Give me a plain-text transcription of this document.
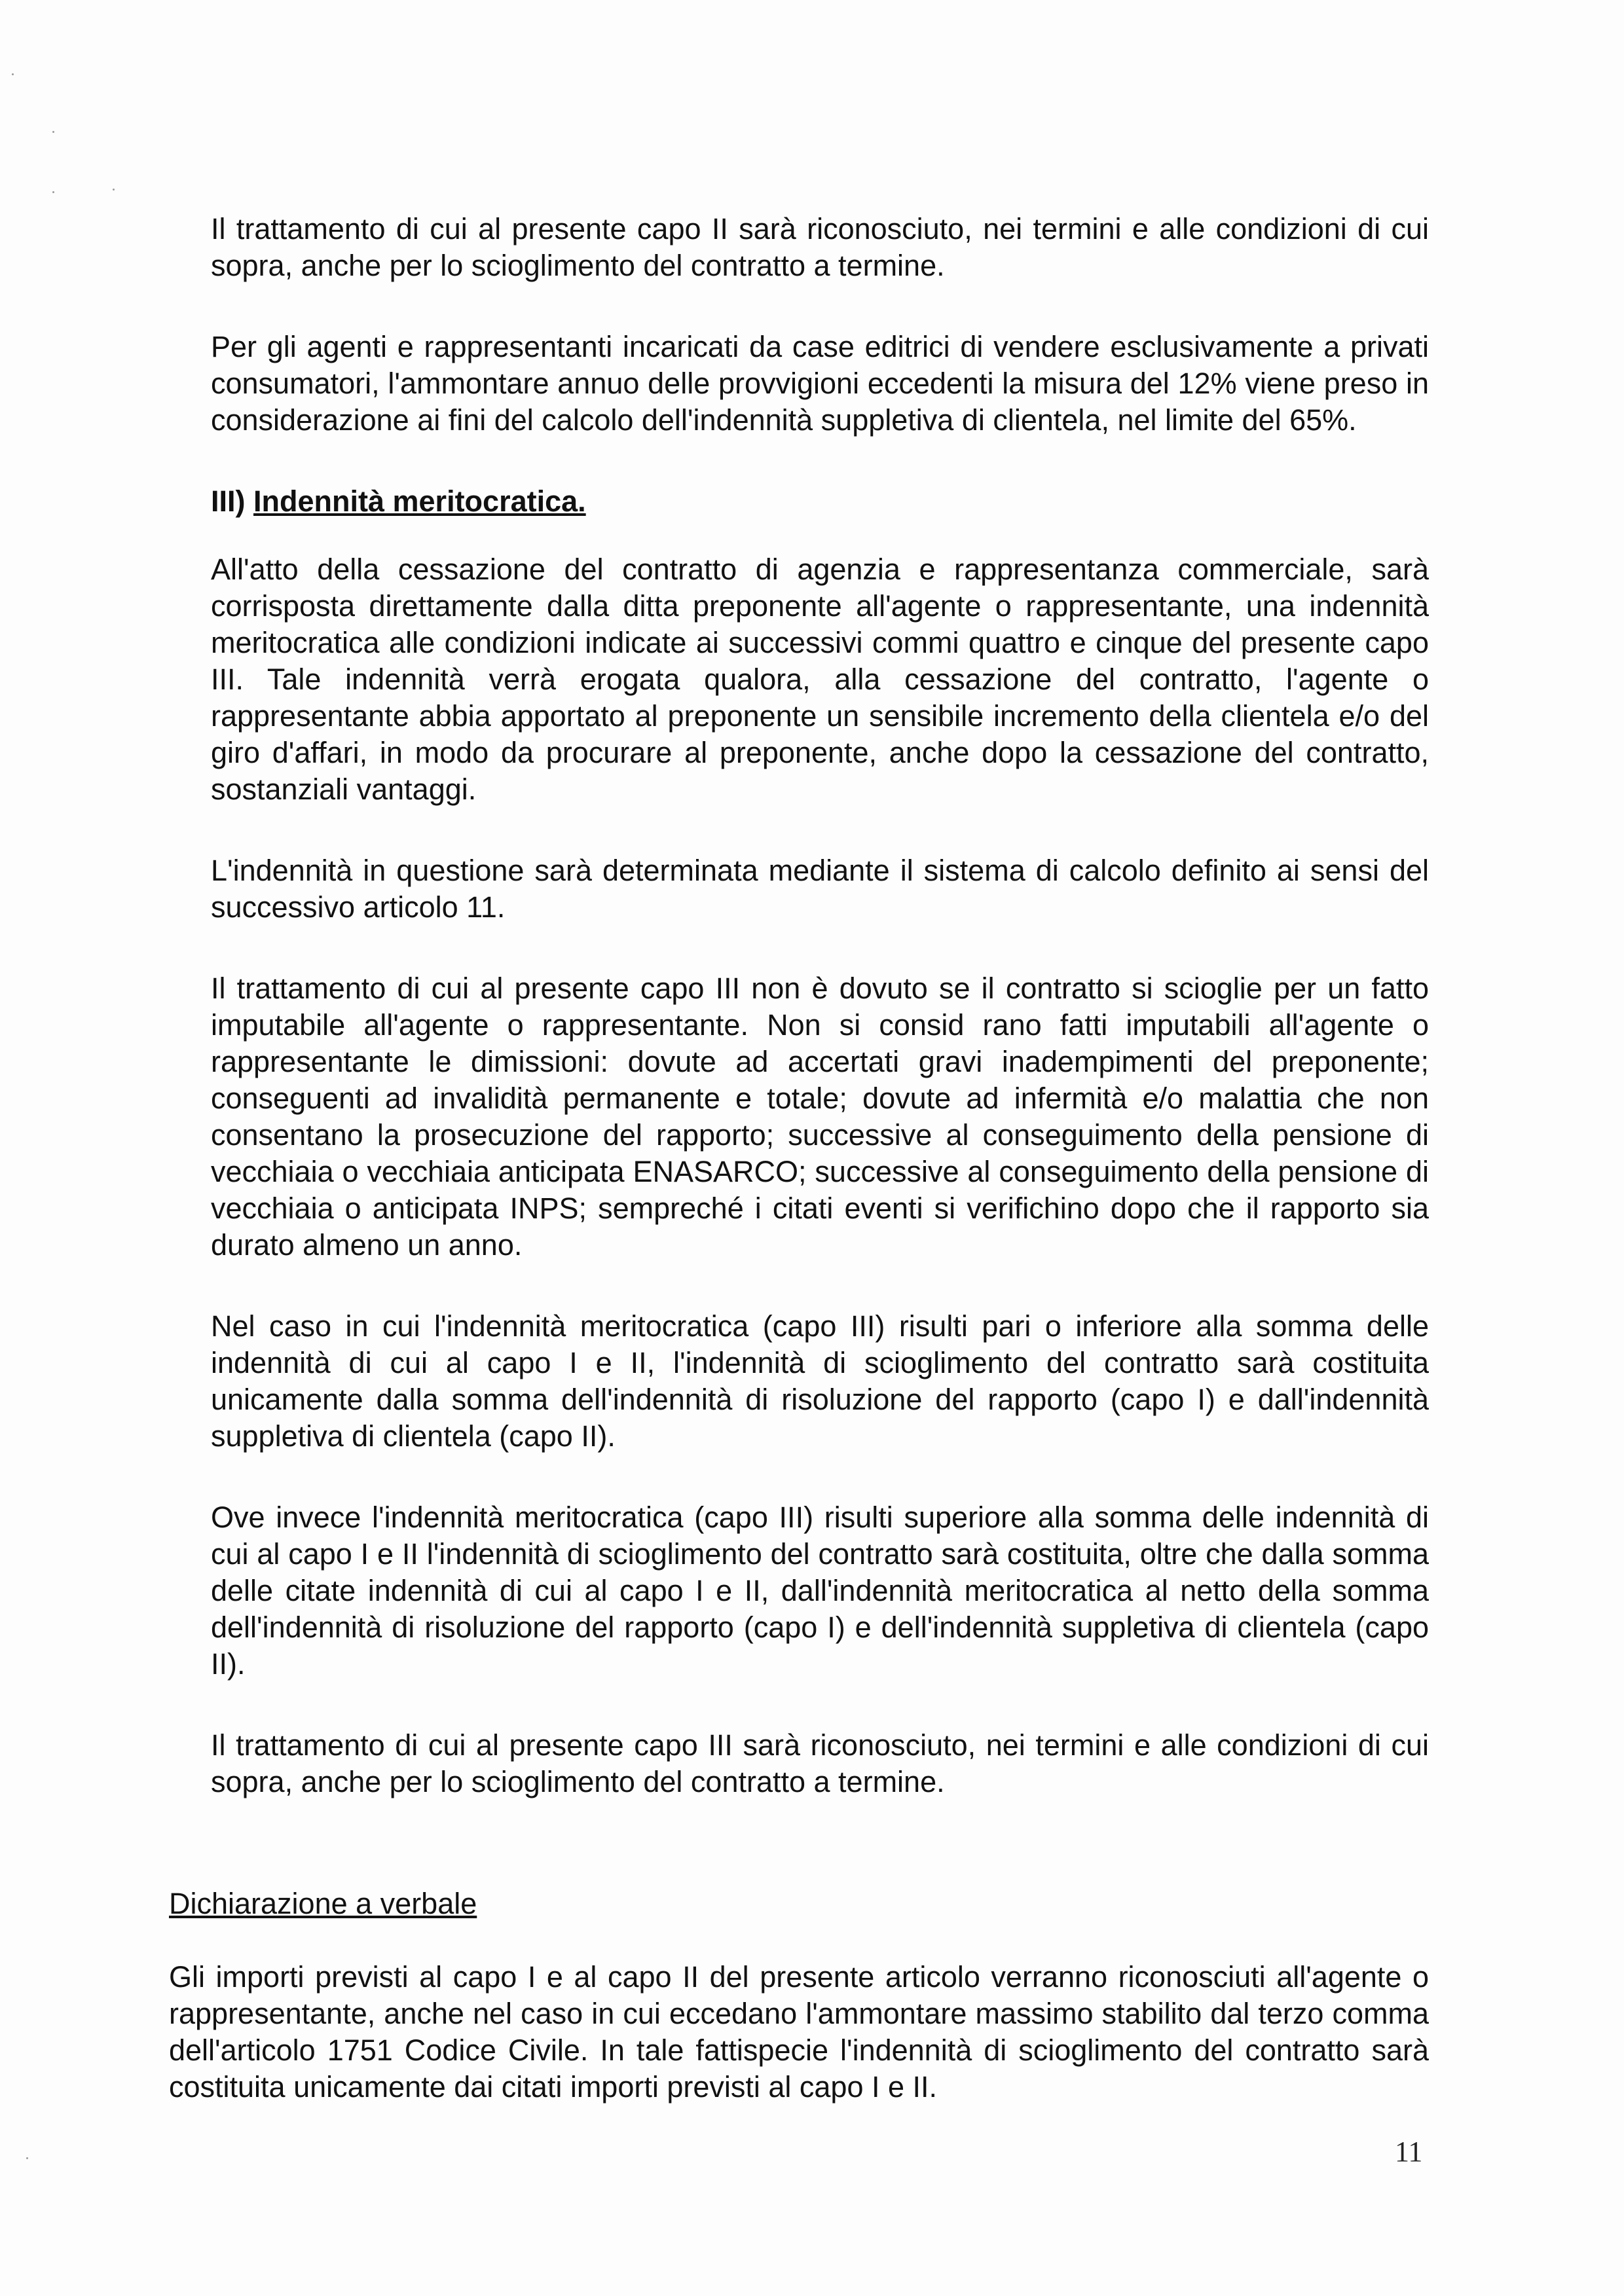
Il trattamento di cui al presente capo II sarà riconosciuto, nei termini e alle condizioni di cui sopra, anche per lo scioglimento del contratto a termine.

Per gli agenti e rappresentanti incaricati da case editrici di vendere esclusivamente a privati consumatori, l'ammontare annuo delle provvigioni eccedenti la misura del 12% viene preso in considerazione ai fini del calcolo dell'indennità suppletiva di clientela, nel limite del 65%.

III) Indennità meritocratica.

All'atto della cessazione del contratto di agenzia e rappresentanza commerciale, sarà corrisposta direttamente dalla ditta preponente all'agente o rappresentante, una indennità meritocratica alle condizioni indicate ai successivi commi quattro e cinque del presente capo III. Tale indennità verrà erogata qualora, alla cessazione del contratto, l'agente o rappresentante abbia apportato al preponente un sensibile incremento della clientela e/o del giro d'affari, in modo da procurare al preponente, anche dopo la cessazione del contratto, sostanziali vantaggi.

L'indennità in questione sarà determinata mediante il sistema di calcolo definito ai sensi del successivo articolo 11.

Il trattamento di cui al presente capo III non è dovuto se il contratto si scioglie per un fatto imputabile all'agente o rappresentante. Non si consid rano fatti imputabili all'agente o rappresentante le dimissioni: dovute ad accertati gravi inadempimenti del preponente; conseguenti ad invalidità permanente e totale; dovute ad infermità e/o malattia che non consentano la prosecuzione del rapporto; successive al conseguimento della pensione di vecchiaia o vecchiaia anticipata ENASARCO; successive al conseguimento della pensione di vecchiaia o anticipata INPS; sempreché i citati eventi si verifichino dopo che il rapporto sia durato almeno un anno.

Nel caso in cui l'indennità meritocratica (capo III) risulti pari o inferiore alla somma delle indennità di cui al capo I e II, l'indennità di scioglimento del contratto sarà costituita unicamente dalla somma dell'indennità di risoluzione del rapporto (capo I) e dall'indennità suppletiva di clientela (capo II).

Ove invece l'indennità meritocratica (capo III) risulti superiore alla somma delle indennità di cui al capo I e II l'indennità di scioglimento del contratto sarà costituita, oltre che dalla somma delle citate indennità di cui al capo I e II, dall'indennità meritocratica al netto della somma dell'indennità di risoluzione del rapporto (capo I) e dell'indennità suppletiva di clientela (capo II).

Il trattamento di cui al presente capo III sarà riconosciuto, nei termini e alle condizioni di cui sopra, anche per lo scioglimento del contratto a termine.

Dichiarazione a verbale

Gli importi previsti al capo I e al capo II del presente articolo verranno riconosciuti all'agente o rappresentante, anche nel caso in cui eccedano l'ammontare massimo stabilito dal terzo comma dell'articolo 1751 Codice Civile. In tale fattispecie l'indennità di scioglimento del contratto sarà costituita unicamente dai citati importi previsti al capo I e II.

11
